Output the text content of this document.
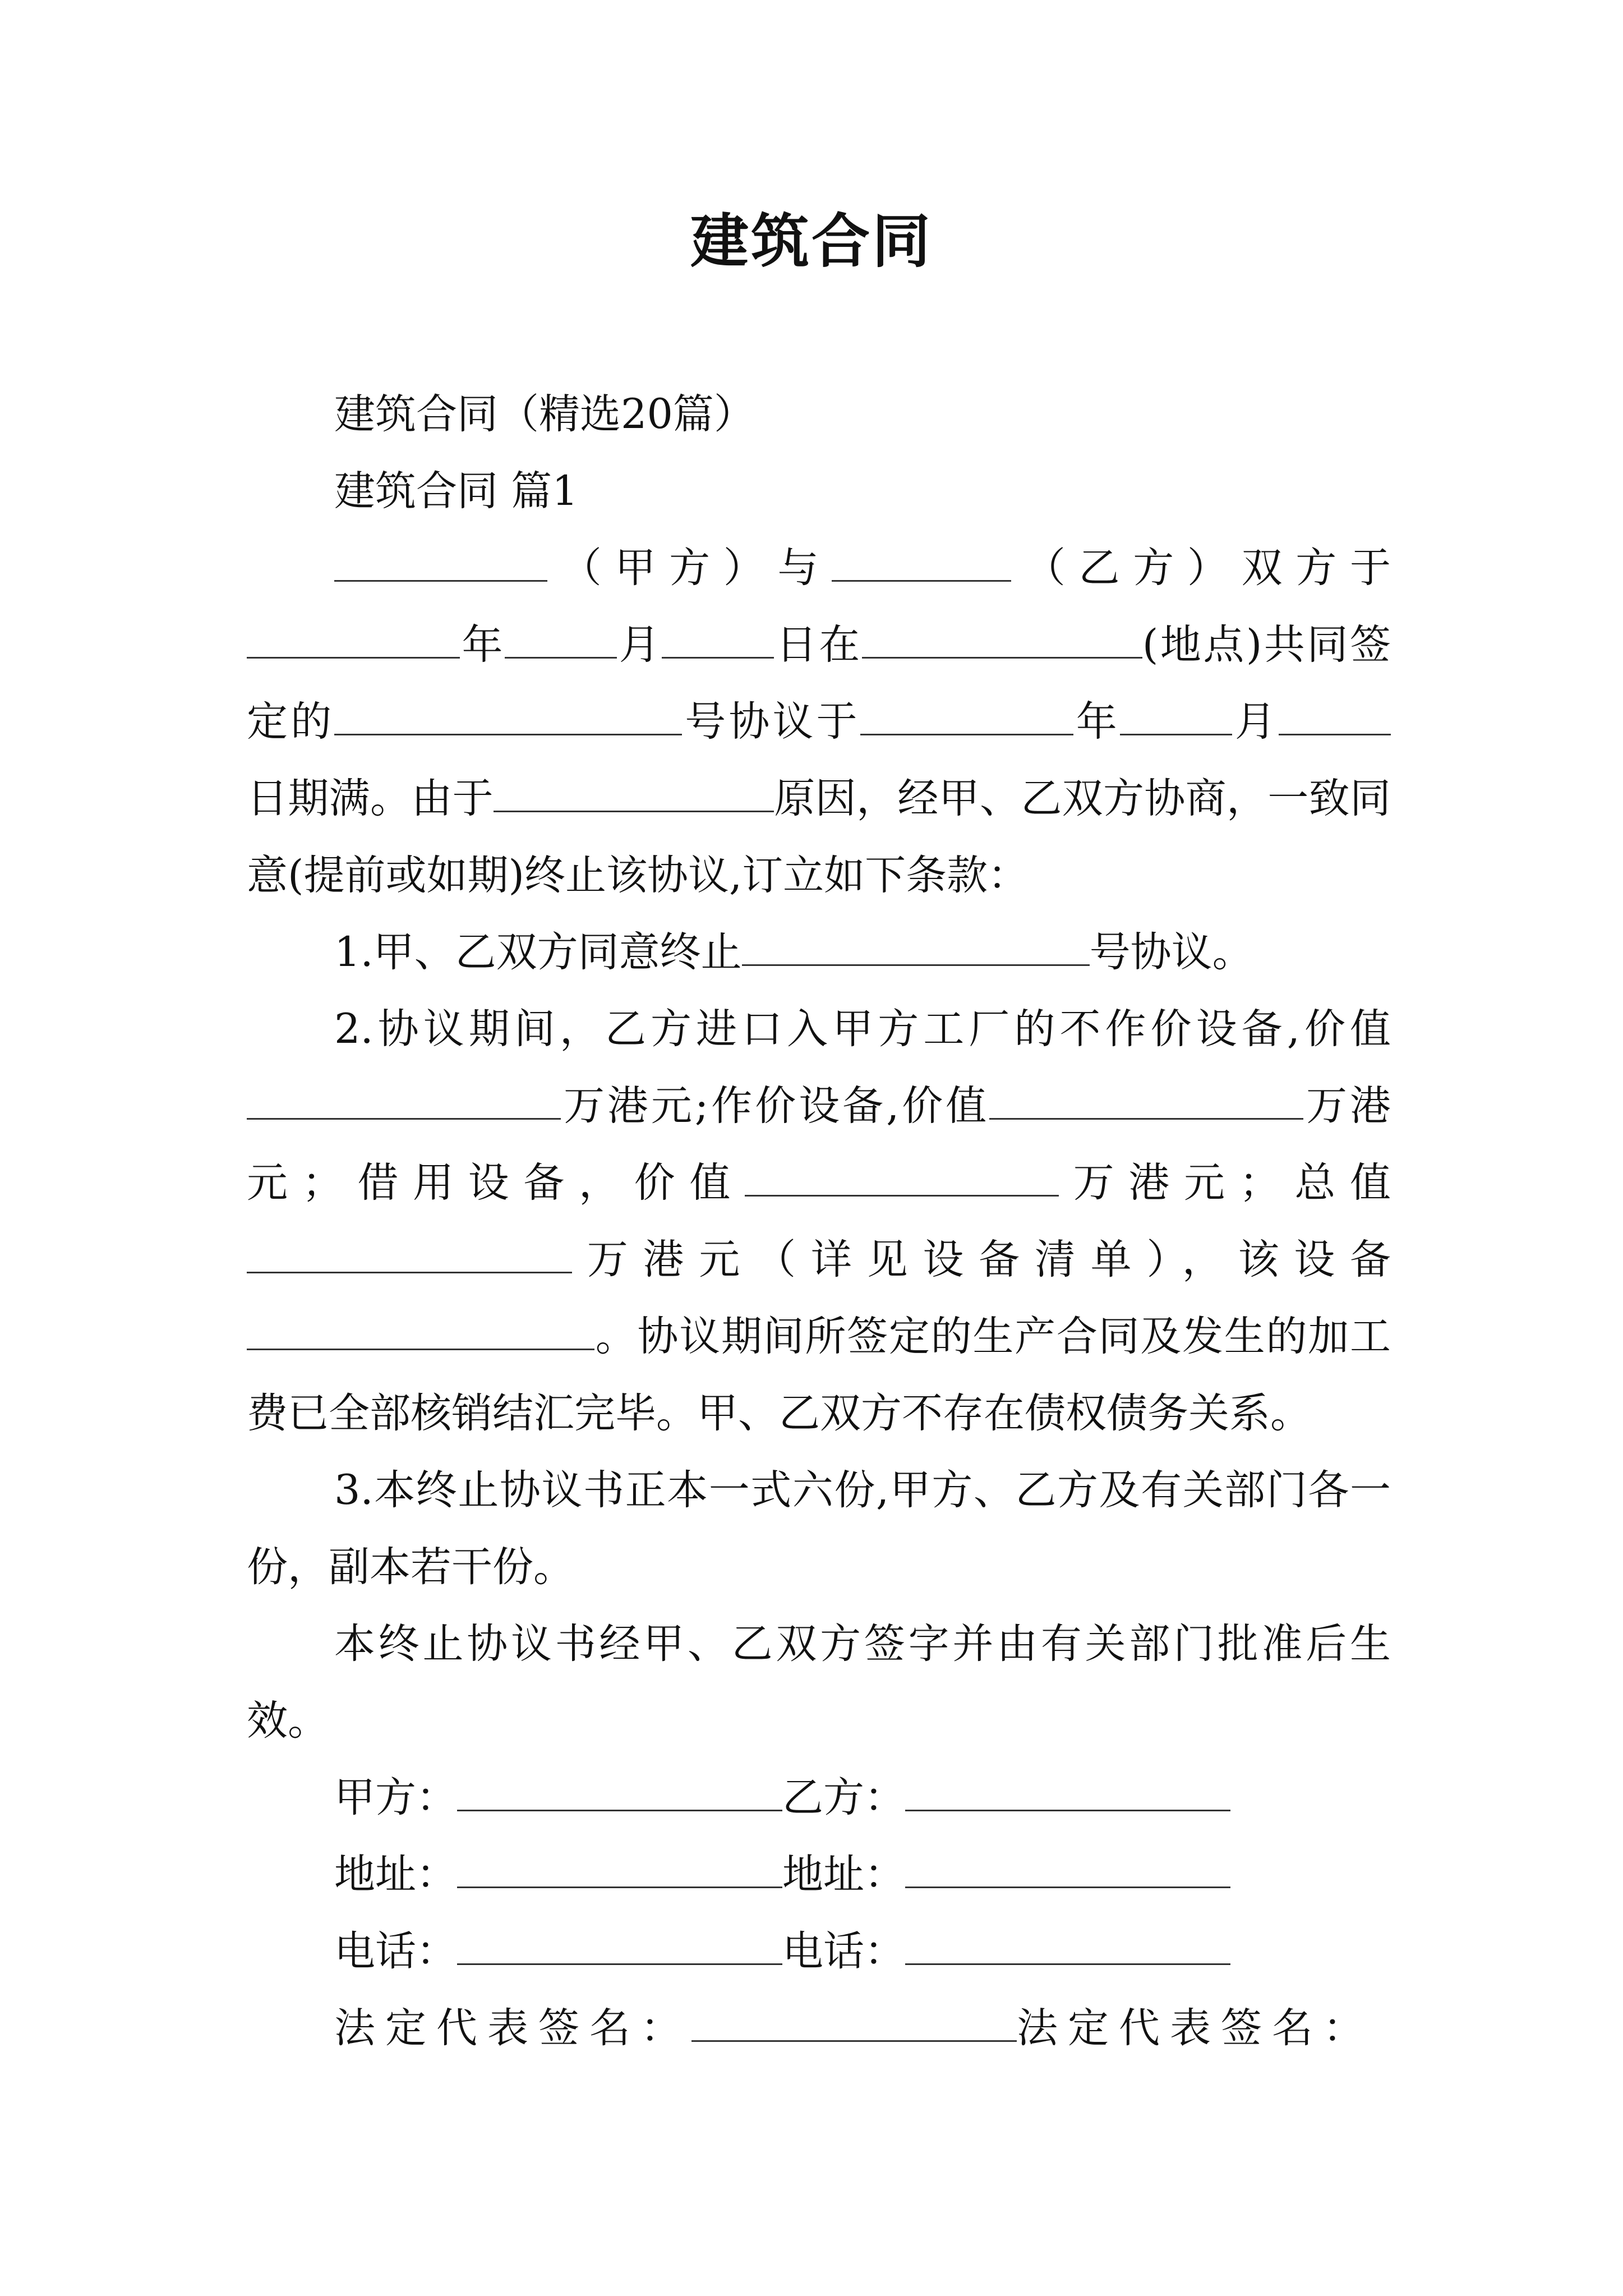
建筑合同

建筑合同（精选20篇）

建筑合同 篇1

（甲方）与	（乙方）双方于年	月	日在	(地点)共同签定的	号协议于	年	月日期满。由于	原因，经甲、乙双方协商，一致同意(提前或如期)终止该协议,订立如下条款：

1.甲、乙双方同意终止	号协议。

2.协议期间，乙方进口入甲方工厂的不作价设备,价值万港元;作价设备,价值	万港元；借用设备，价值	万港元；总值万港元（详见设备清单），该设备。协议期间所签定的生产合同及发生的加工费已全部核销结汇完毕。甲、乙双方不存在债权债务关系。

3.本终止协议书正本一式六份,甲方、乙方及有关部门各一份，副本若干份。

本终止协议书经甲、乙双方签字并由有关部门批准后生效。

甲方：	乙方：
地址：	地址：
电话：	电话：
法定代表签名：	法定代表签名：
